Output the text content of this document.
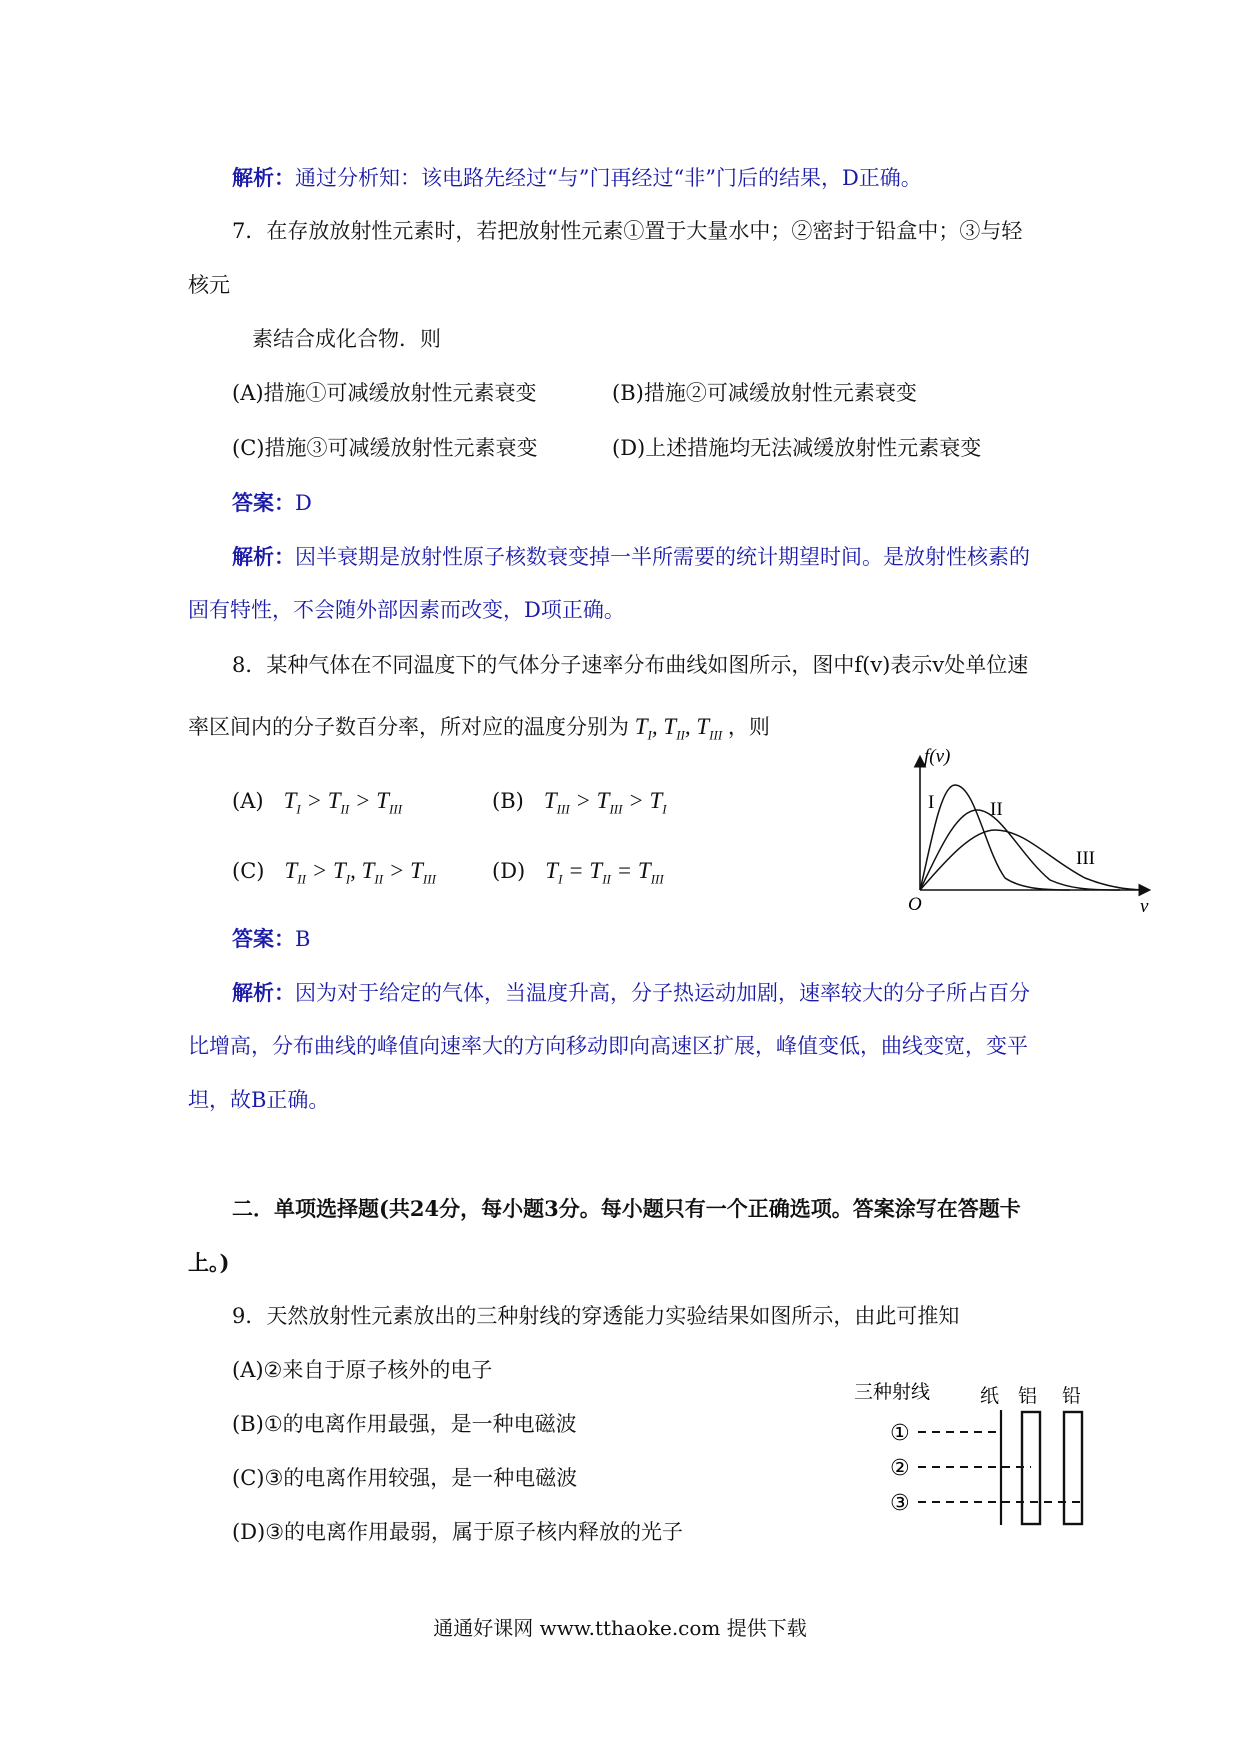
解析：通过分析知：该电路先经过“与”门再经过“非”门后的结果，D正确。
7．在存放放射性元素时，若把放射性元素①置于大量水中；②密封于铅盒中；③与轻
核元
素结合成化合物．则
(A)措施①可减缓放射性元素衰变	(B)措施②可减缓放射性元素衰变
(C)措施③可减缓放射性元素衰变	(D)上述措施均无法减缓放射性元素衰变
答案：D
解析：因半衰期是放射性原子核数衰变掉一半所需要的统计期望时间。是放射性核素的
固有特性，不会随外部因素而改变，D项正确。
8．某种气体在不同温度下的气体分子速率分布曲线如图所示，图中f(v)表示v处单位速
率区间内的分子数百分率，所对应的温度分别为 $T_I$, $T_{II}$, $T_{III}$ ，则
(A) $T_I > T_{II} > T_{III}$	(B) $T_{III} > T_{III} > T_I$
(C) $T_{II} > T_I$, $T_{II} > T_{III}$	(D) $T_I = T_{II} = T_{III}$
f(v)
v
O
I	II
III
答案：B
解析：因为对于给定的气体，当温度升高，分子热运动加剧，速率较大的分子所占百分
比增高，分布曲线的峰值向速率大的方向移动即向高速区扩展，峰值变低，曲线变宽，变平
坦，故B正确。
二．单项选择题(共24分，每小题3分。每小题只有一个正确选项。答案涂写在答题卡
上。)
9．天然放射性元素放出的三种射线的穿透能力实验结果如图所示，由此可推知
(A)②来自于原子核外的电子
(B)①的电离作用最强，是一种电磁波
(C)③的电离作用较强，是一种电磁波
(D)③的电离作用最弱，属于原子核内释放的光子
三种射线	纸 铝 铅
①
②
③
通通好课网 www.tthaoke.com 提供下载
